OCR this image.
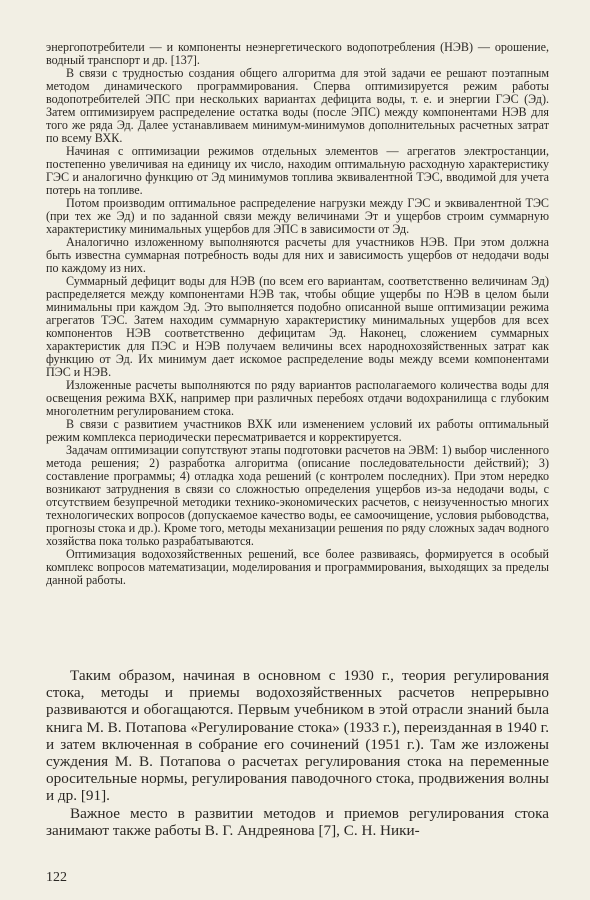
энергопотребители — и компоненты неэнергетического водопотребления (НЭВ) — орошение, водный транспорт и др. [137].

В связи с трудностью создания общего алгоритма для этой задачи ее решают поэтапным методом динамического программирования. Сперва оптимизируется режим работы водопотребителей ЭПС при нескольких вариантах дефицита воды, т. е. и энергии ГЭС (Эд). Затем оптимизируем распределение остатка воды (после ЭПС) между компонентами НЭВ для того же ряда Эд. Далее устанавливаем минимум-минимумов дополнительных расчетных затрат по всему ВХК.

Начиная с оптимизации режимов отдельных элементов — агрегатов электростанции, постепенно увеличивая на единицу их число, находим оптимальную расходную характеристику ГЭС и аналогично функцию от Эд минимумов топлива эквивалентной ТЭС, вводимой для учета потерь на топливе.

Потом производим оптимальное распределение нагрузки между ГЭС и эквивалентной ТЭС (при тех же Эд) и по заданной связи между величинами Эт и ущербов строим суммарную характеристику минимальных ущербов для ЭПС в зависимости от Эд.

Аналогично изложенному выполняются расчеты для участников НЭВ. При этом должна быть известна суммарная потребность воды для них и зависимость ущербов от недодачи воды по каждому из них.

Суммарный дефицит воды для НЭВ (по всем его вариантам, соответственно величинам Эд) распределяется между компонентами НЭВ так, чтобы общие ущербы по НЭВ в целом были минимальны при каждом Эд. Это выполняется подобно описанной выше оптимизации режима агрегатов ТЭС. Затем находим суммарную характеристику минимальных ущербов для всех компонентов НЭВ соответственно дефицитам Эд. Наконец, сложением суммарных характеристик для ПЭС и НЭВ получаем величины всех народнохозяйственных затрат как функцию от Эд. Их минимум дает искомое распределение воды между всеми компонентами ПЭС и НЭВ.

Изложенные расчеты выполняются по ряду вариантов располагаемого количества воды для освещения режима ВХК, например при различных перебоях отдачи водохранилища с глубоким многолетним регулированием стока.

В связи с развитием участников ВХК или изменением условий их работы оптимальный режим комплекса периодически пересматривается и корректируется.

Задачам оптимизации сопутствуют этапы подготовки расчетов на ЭВМ: 1) выбор численного метода решения; 2) разработка алгоритма (описание последовательности действий); 3) составление программы; 4) отладка хода решений (с контролем последних). При этом нередко возникают затруднения в связи со сложностью определения ущербов из-за недодачи воды, с отсутствием безупречной методики технико-экономических расчетов, с неизученностью многих технологических вопросов (допускаемое качество воды, ее самоочищение, условия рыбоводства, прогнозы стока и др.). Кроме того, методы механизации решения по ряду сложных задач водного хозяйства пока только разрабатываются.

Оптимизация водохозяйственных решений, все более развиваясь, формируется в особый комплекс вопросов математизации, моделирования и программирования, выходящих за пределы данной работы.

Таким образом, начиная в основном с 1930 г., теория регулирования стока, методы и приемы водохозяйственных расчетов непрерывно развиваются и обогащаются. Первым учебником в этой отрасли знаний была книга М. В. Потапова «Регулирование стока» (1933 г.), переизданная в 1940 г. и затем включенная в собрание его сочинений (1951 г.). Там же изложены суждения М. В. Потапова о расчетах регулирования стока на переменные оросительные нормы, регулирования паводочного стока, продвижения волны и др. [91].

Важное место в развитии методов и приемов регулирования стока занимают также работы В. Г. Андреянова [7], С. Н. Ники-

122
